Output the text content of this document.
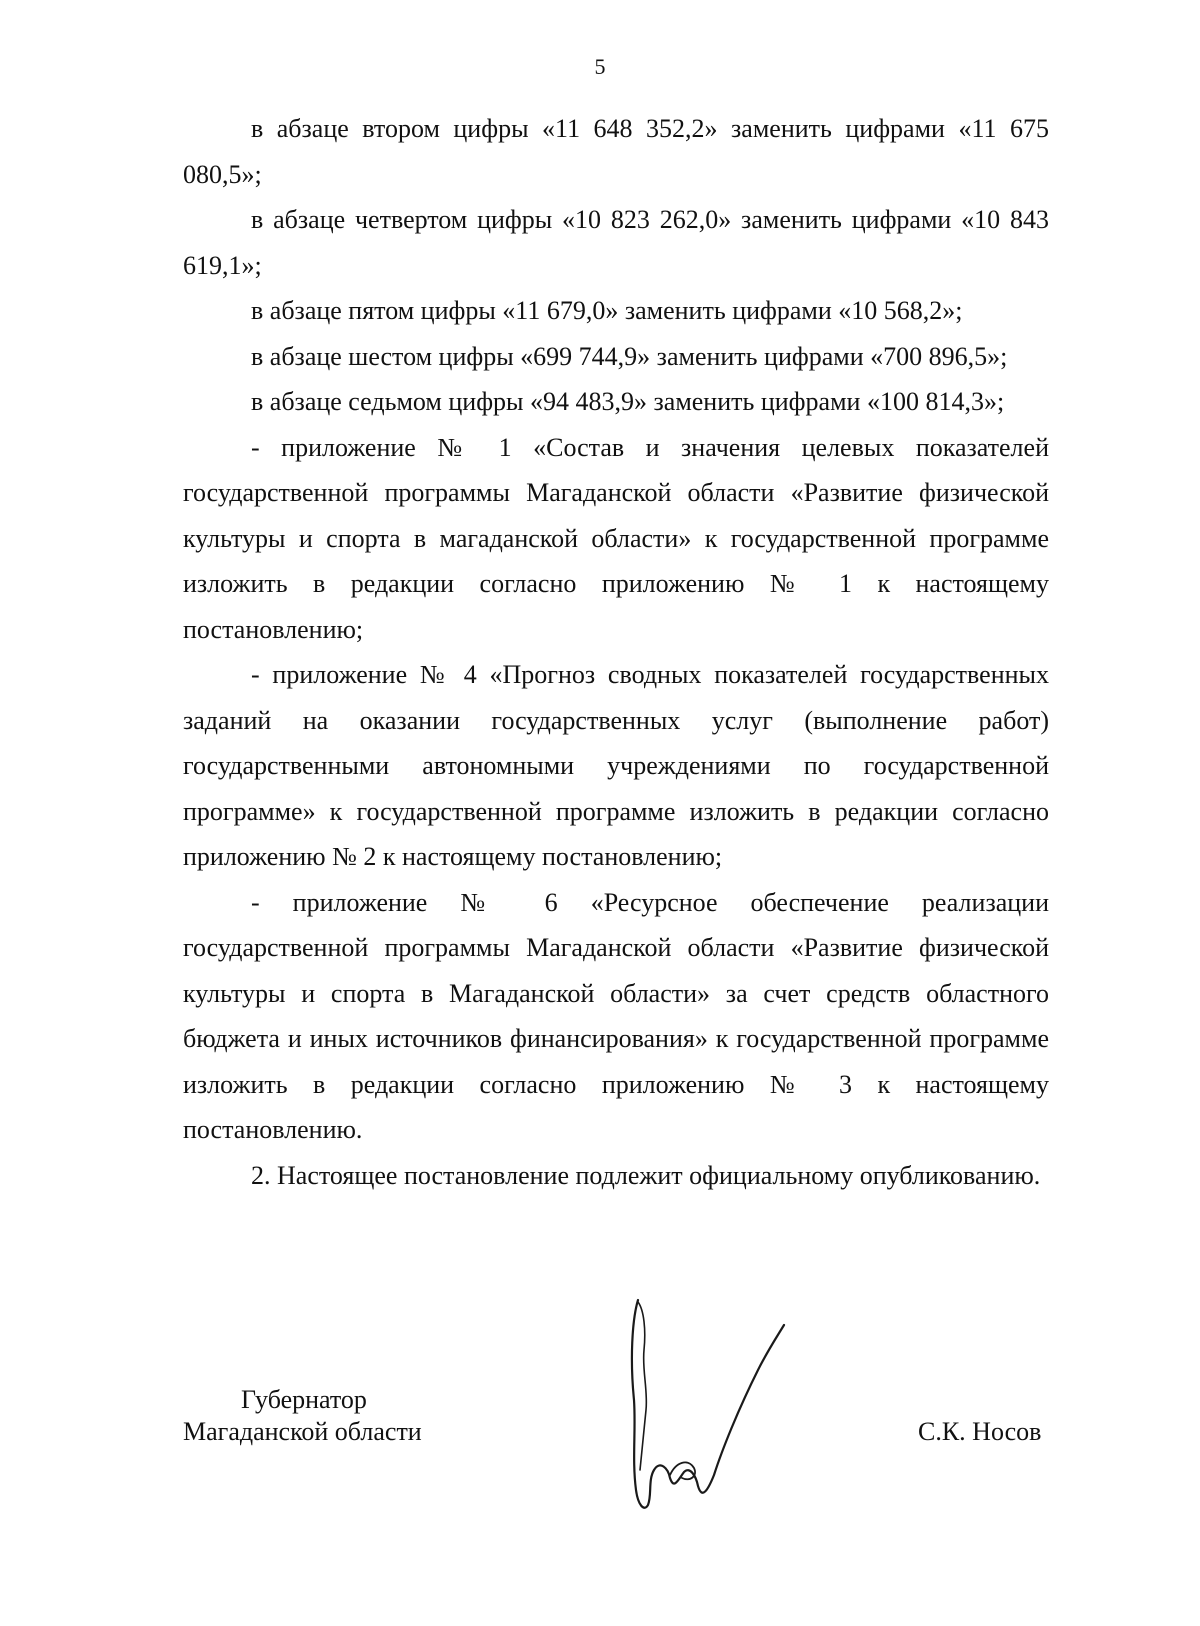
5

в абзаце втором цифры «11 648 352,2» заменить цифрами «11 675 080,5»;

в абзаце четвертом цифры «10 823 262,0» заменить цифрами «10 843 619,1»;

в абзаце пятом цифры «11 679,0» заменить цифрами «10 568,2»;

в абзаце шестом цифры «699 744,9» заменить цифрами «700 896,5»;

в абзаце седьмом цифры «94 483,9» заменить цифрами «100 814,3»;

- приложение № 1 «Состав и значения целевых показателей государственной программы Магаданской области «Развитие физической культуры и спорта в магаданской области» к государственной программе изложить в редакции согласно приложению № 1 к настоящему постановлению;

- приложение № 4 «Прогноз сводных показателей государственных заданий на оказании государственных услуг (выполнение работ) государственными автономными учреждениями по государственной программе» к государственной программе изложить в редакции согласно приложению № 2 к настоящему постановлению;

- приложение № 6 «Ресурсное обеспечение реализации государственной программы Магаданской области «Развитие физической культуры и спорта в Магаданской области» за счет средств областного бюджета и иных источников финансирования» к государственной программе изложить в редакции согласно приложению № 3 к настоящему постановлению.

2. Настоящее постановление подлежит официальному опубликованию.

Губернатор
Магаданской области	С.К. Носов
